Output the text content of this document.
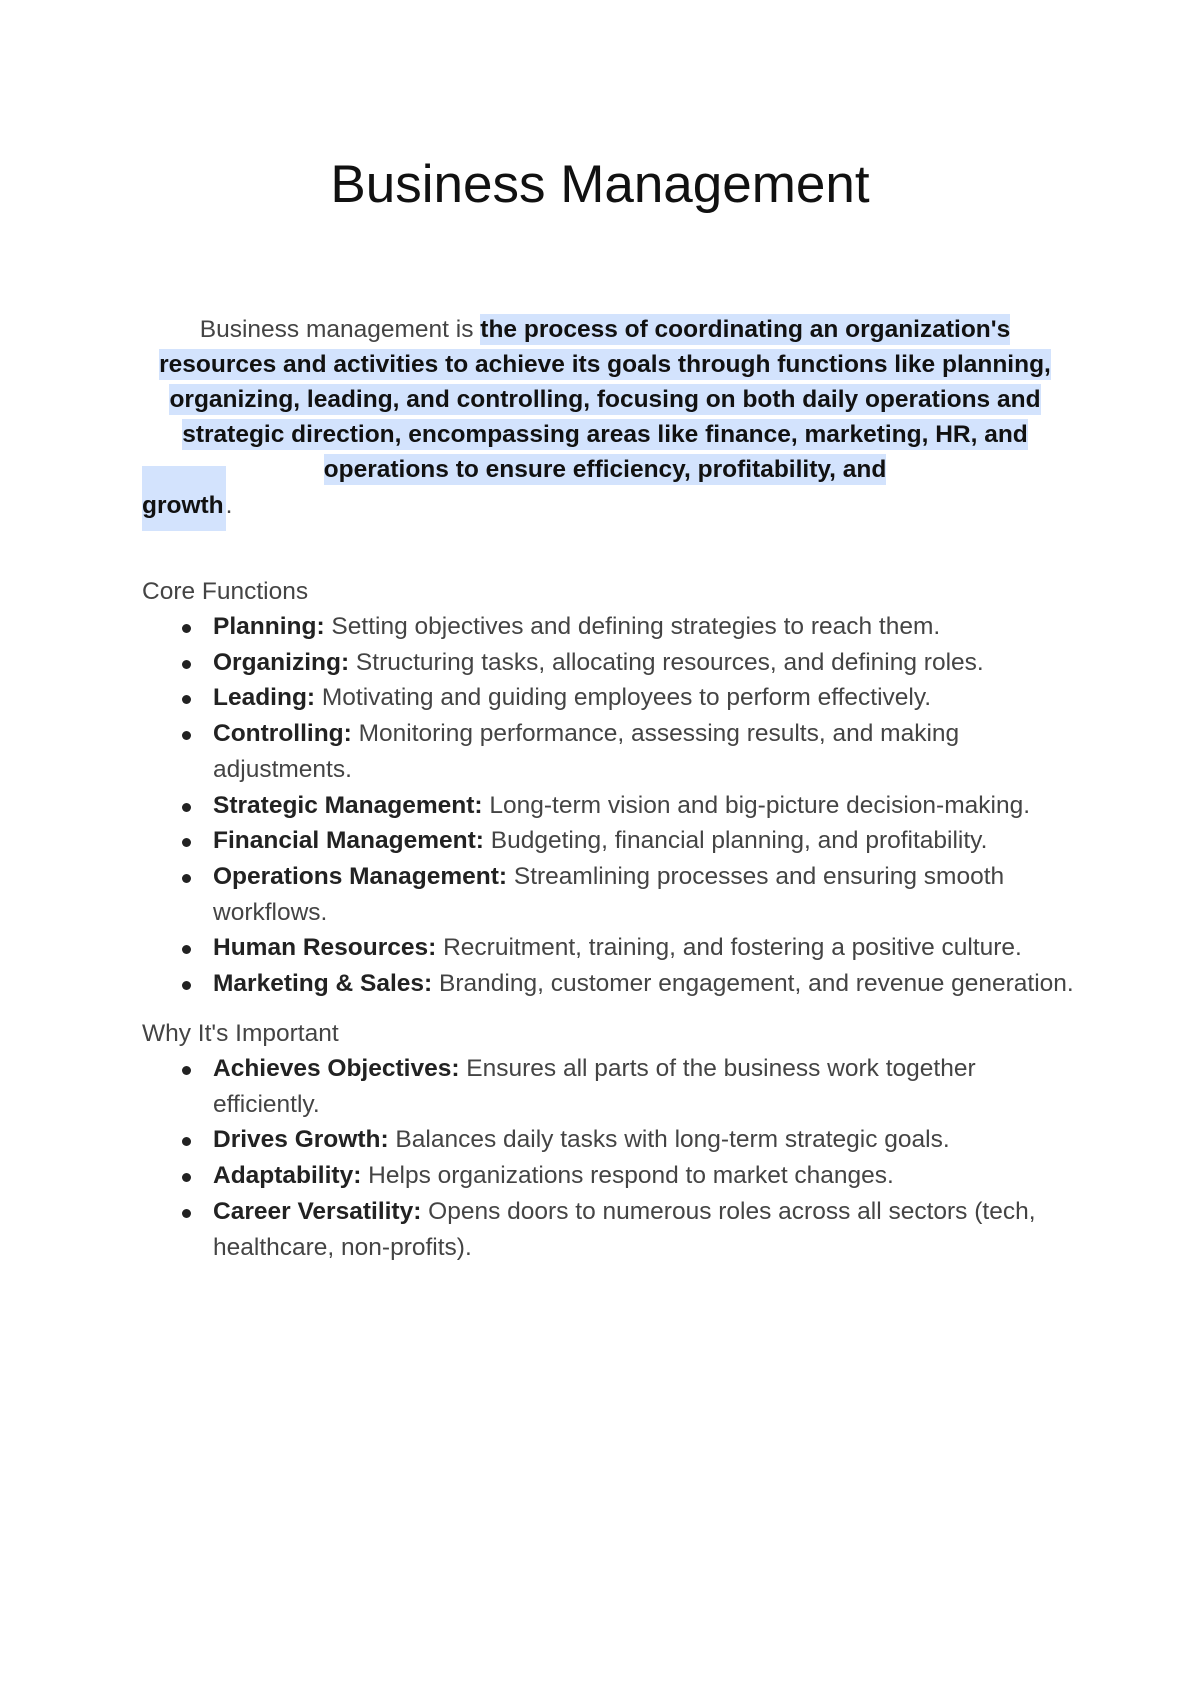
Business Management

Business management is the process of coordinating an organization's resources and activities to achieve its goals through functions like planning, organizing, leading, and controlling, focusing on both daily operations and strategic direction, encompassing areas like finance, marketing, HR, and operations to ensure efficiency, profitability, and

growth.

Core Functions

Planning: Setting objectives and defining strategies to reach them.
Organizing: Structuring tasks, allocating resources, and defining roles.
Leading: Motivating and guiding employees to perform effectively.
Controlling: Monitoring performance, assessing results, and making adjustments.
Strategic Management: Long-term vision and big-picture decision-making.
Financial Management: Budgeting, financial planning, and profitability.
Operations Management: Streamlining processes and ensuring smooth workflows.
Human Resources: Recruitment, training, and fostering a positive culture.
Marketing & Sales: Branding, customer engagement, and revenue generation.

Why It's Important

Achieves Objectives: Ensures all parts of the business work together efficiently.
Drives Growth: Balances daily tasks with long-term strategic goals.
Adaptability: Helps organizations respond to market changes.
Career Versatility: Opens doors to numerous roles across all sectors (tech, healthcare, non-profits).
